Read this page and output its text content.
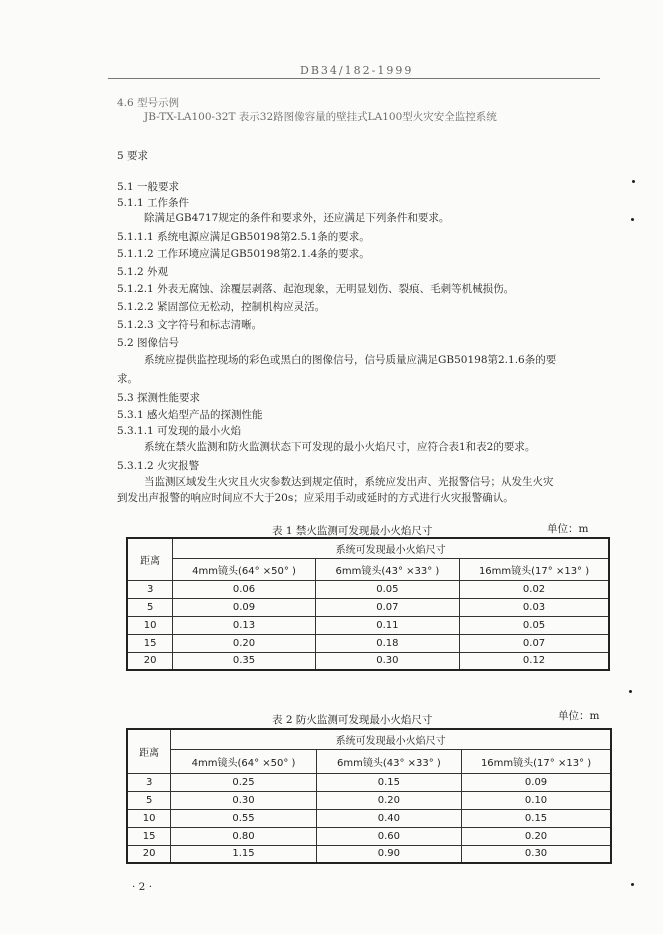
DB34/182-1999
4.6 型号示例
JB-TX-LA100-32T 表示32路图像容量的壁挂式LA100型火灾安全监控系统
5 要求
5.1 一般要求
5.1.1 工作条件
除满足GB4717规定的条件和要求外，还应满足下列条件和要求。
5.1.1.1 系统电源应满足GB50198第2.5.1条的要求。
5.1.1.2 工作环境应满足GB50198第2.1.4条的要求。
5.1.2 外观
5.1.2.1 外表无腐蚀、涂覆层剥落、起泡现象，无明显划伤、裂痕、毛刺等机械损伤。
5.1.2.2 紧固部位无松动，控制机构应灵活。
5.1.2.3 文字符号和标志清晰。
5.2 图像信号
系统应提供监控现场的彩色或黑白的图像信号，信号质量应满足GB50198第2.1.6条的要
求。
5.3 探测性能要求
5.3.1 感火焰型产品的探测性能
5.3.1.1 可发现的最小火焰
系统在禁火监测和防火监测状态下可发现的最小火焰尺寸，应符合表1和表2的要求。
5.3.1.2 火灾报警
当监测区域发生火灾且火灾参数达到规定值时，系统应发出声、光报警信号；从发生火灾
到发出声报警的响应时间应不大于20s；应采用手动或延时的方式进行火灾报警确认。
表 1 禁火监测可发现最小火焰尺寸	单位：m
距离	系统可发现最小火焰尺寸		
	4mm镜头(64° ×50° )	6mm镜头(43° ×33° )	16mm镜头(17° ×13° )
3	0.06	0.05	0.02
5	0.09	0.07	0.03
10	0.13	0.11	0.05
15	0.20	0.18	0.07
20	0.35	0.30	0.12
表 2 防火监测可发现最小火焰尺寸	单位：m
距离	系统可发现最小火焰尺寸		
	4mm镜头(64° ×50° )	6mm镜头(43° ×33° )	16mm镜头(17° ×13° )
3	0.25	0.15	0.09
5	0.30	0.20	0.10
10	0.55	0.40	0.15
15	0.80	0.60	0.20
20	1.15	0.90	0.30
· 2 ·
